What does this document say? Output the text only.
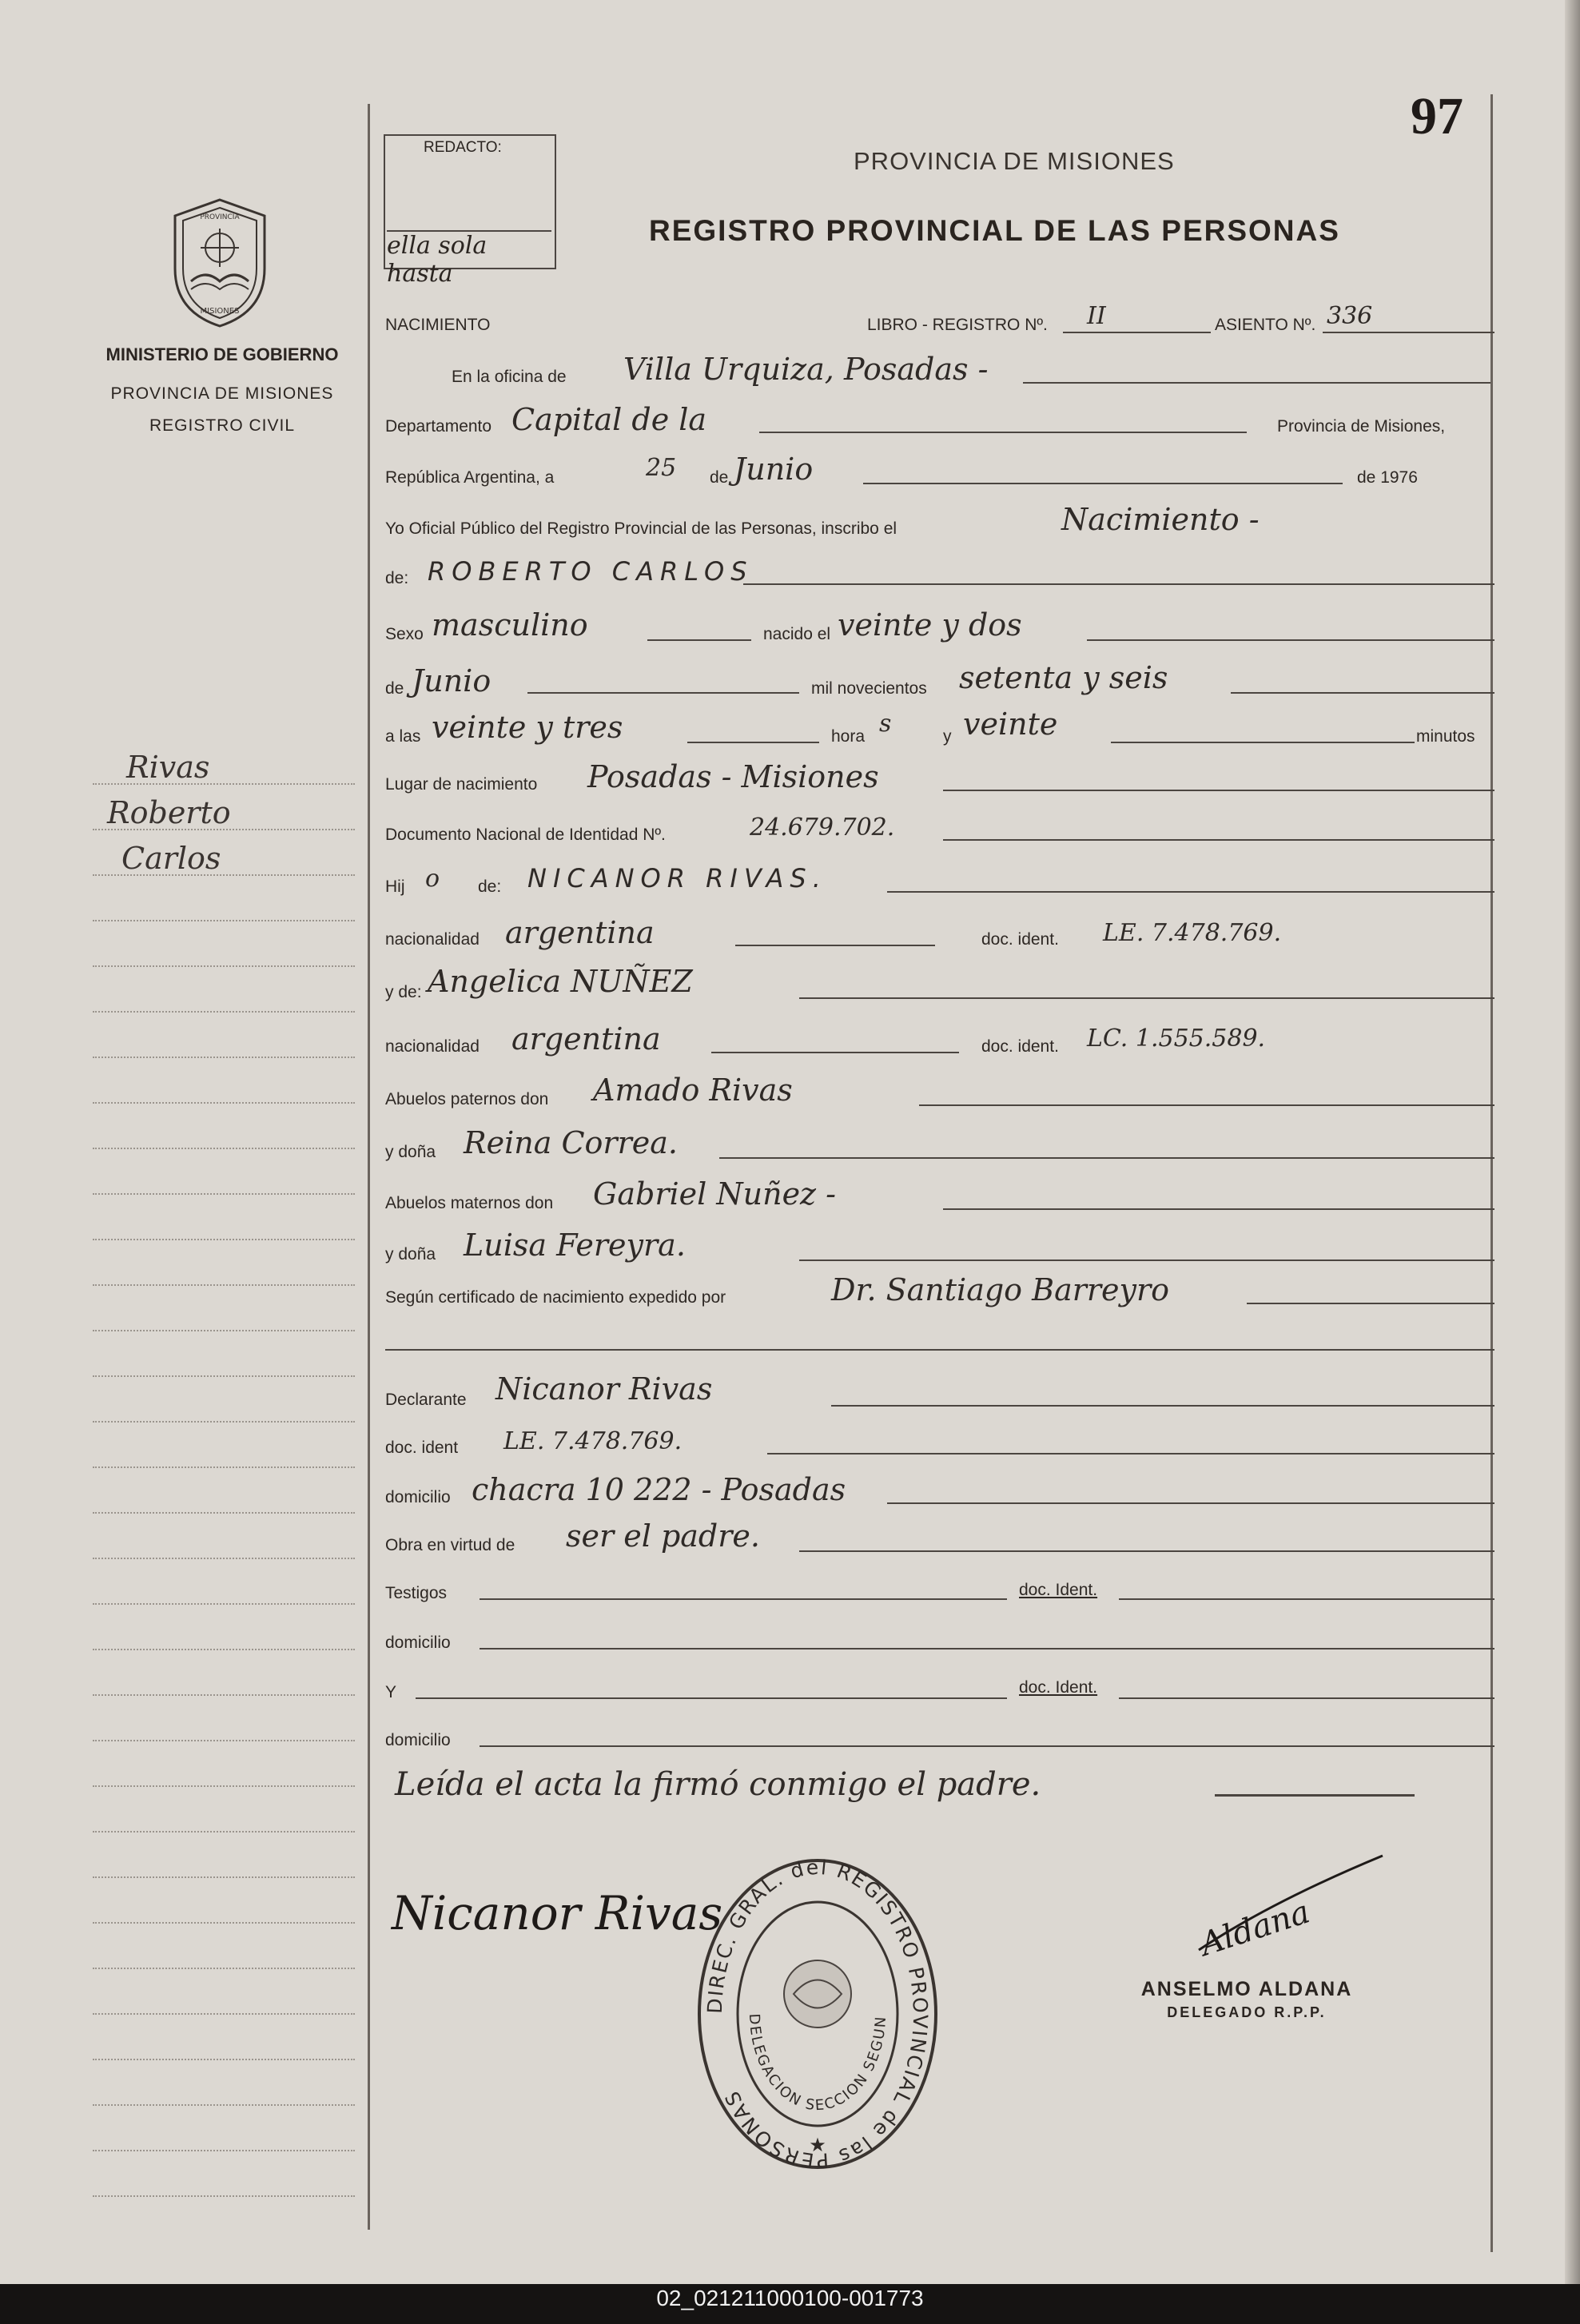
97
REDACTO:
ella sola hasta
PROVINCIA DE MISIONES
REGISTRO PROVINCIAL DE LAS PERSONAS
PROVINCIA
MISIONES
MINISTERIO DE GOBIERNO
PROVINCIA DE MISIONES
REGISTRO CIVIL
Rivas
Roberto
Carlos
NACIMIENTO	LIBRO - REGISTRO Nº. II	ASIENTO Nº. 336
En la oficina de Villa Urquiza, Posadas -
Departamento Capital de la	Provincia de Misiones,
República Argentina, a	25 de Junio	de 1976
Yo Oficial Público del Registro Provincial de las Personas, inscribo el	Nacimiento -
de: ROBERTO CARLOS
Sexo masculino	nacido el veinte y dos
de Junio	mil novecientos setenta y seis
a las veinte y tres	hora s	y veinte	minutos
Lugar de nacimiento Posadas - Misiones
Documento Nacional de Identidad Nº.	24.679.702.
Hij o de: NICANOR RIVAS.
nacionalidad argentina	doc. ident. LE. 7.478.769.
y de: Angelica NUÑEZ
nacionalidad argentina	doc. ident. LC. 1.555.589.
Abuelos paternos don Amado Rivas
y doña Reina Correa.
Abuelos maternos don Gabriel Nuñez -
y doña Luisa Fereyra.
Según certificado de nacimiento expedido por	Dr. Santiago Barreyro
Declarante Nicanor Rivas
doc. ident LE. 7.478.769.
domicilio chacra 10 222 - Posadas
Obra en virtud de ser el padre.
Testigos	doc. Ident.
domicilio
Y	doc. Ident.
domicilio
Leída el acta la firmó conmigo el padre.
Nicanor Rivas
DIREC. GRAL. del REGISTRO PROVINCIAL de las PERSONAS
DELEGACION SECCION SEGUN
★
Aldana
ANSELMO ALDANA
DELEGADO R.P.P.
02_021211000100-001773
